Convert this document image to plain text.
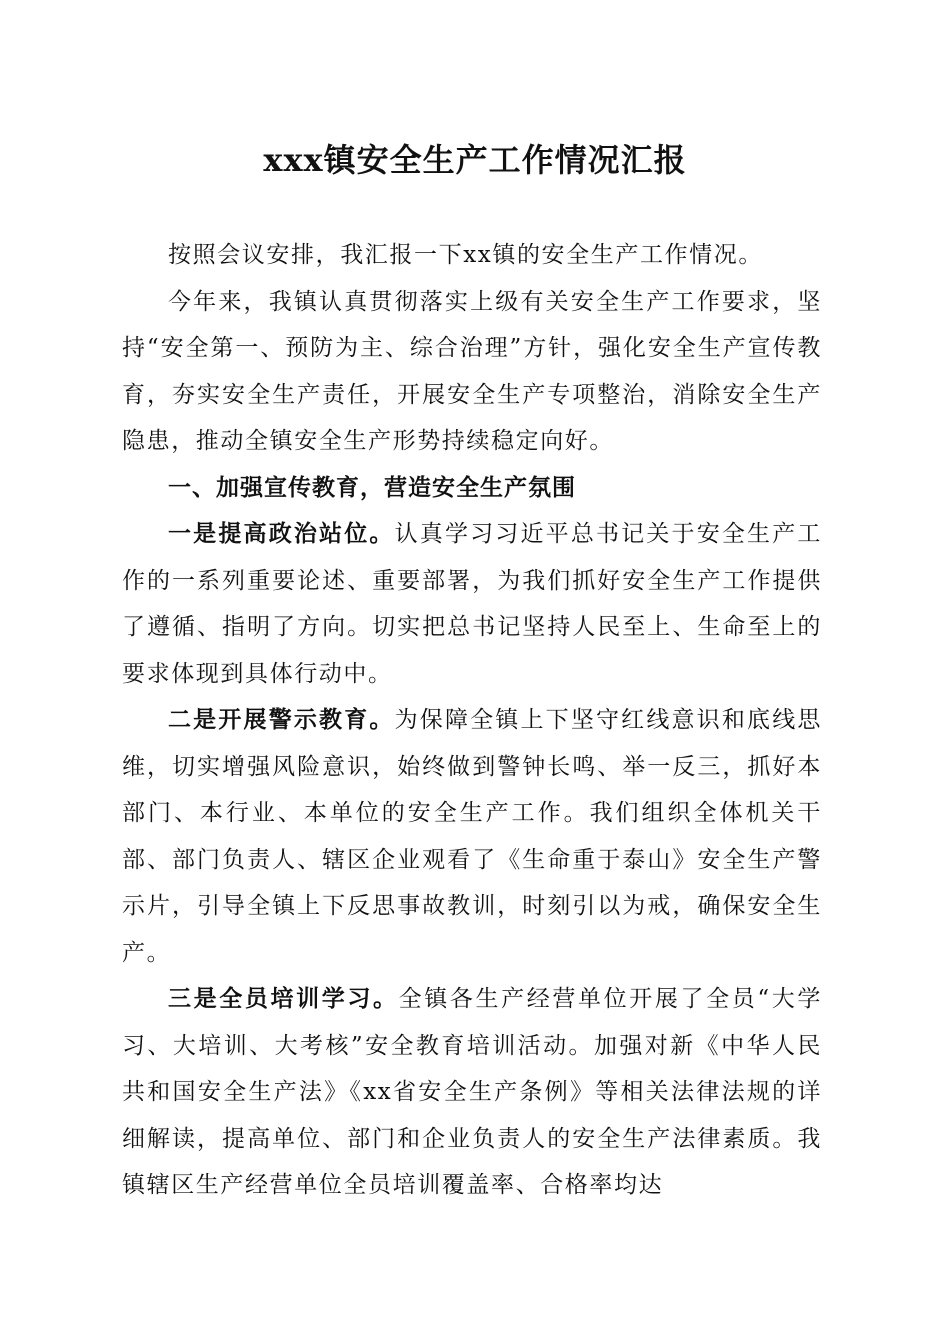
xxx镇安全生产工作情况汇报

按照会议安排，我汇报一下xx镇的安全生产工作情况。

今年来，我镇认真贯彻落实上级有关安全生产工作要求，坚持“安全第一、预防为主、综合治理”方针，强化安全生产宣传教育，夯实安全生产责任，开展安全生产专项整治，消除安全生产隐患，推动全镇安全生产形势持续稳定向好。

一、加强宣传教育，营造安全生产氛围

一是提高政治站位。认真学习习近平总书记关于安全生产工作的一系列重要论述、重要部署，为我们抓好安全生产工作提供了遵循、指明了方向。切实把总书记坚持人民至上、生命至上的要求体现到具体行动中。

二是开展警示教育。为保障全镇上下坚守红线意识和底线思维，切实增强风险意识，始终做到警钟长鸣、举一反三，抓好本部门、本行业、本单位的安全生产工作。我们组织全体机关干部、部门负责人、辖区企业观看了《生命重于泰山》安全生产警示片，引导全镇上下反思事故教训，时刻引以为戒，确保安全生产。

三是全员培训学习。全镇各生产经营单位开展了全员“大学习、大培训、大考核”安全教育培训活动。加强对新《中华人民共和国安全生产法》《xx省安全生产条例》等相关法律法规的详细解读，提高单位、部门和企业负责人的安全生产法律素质。我镇辖区生产经营单位全员培训覆盖率、合格率均达
